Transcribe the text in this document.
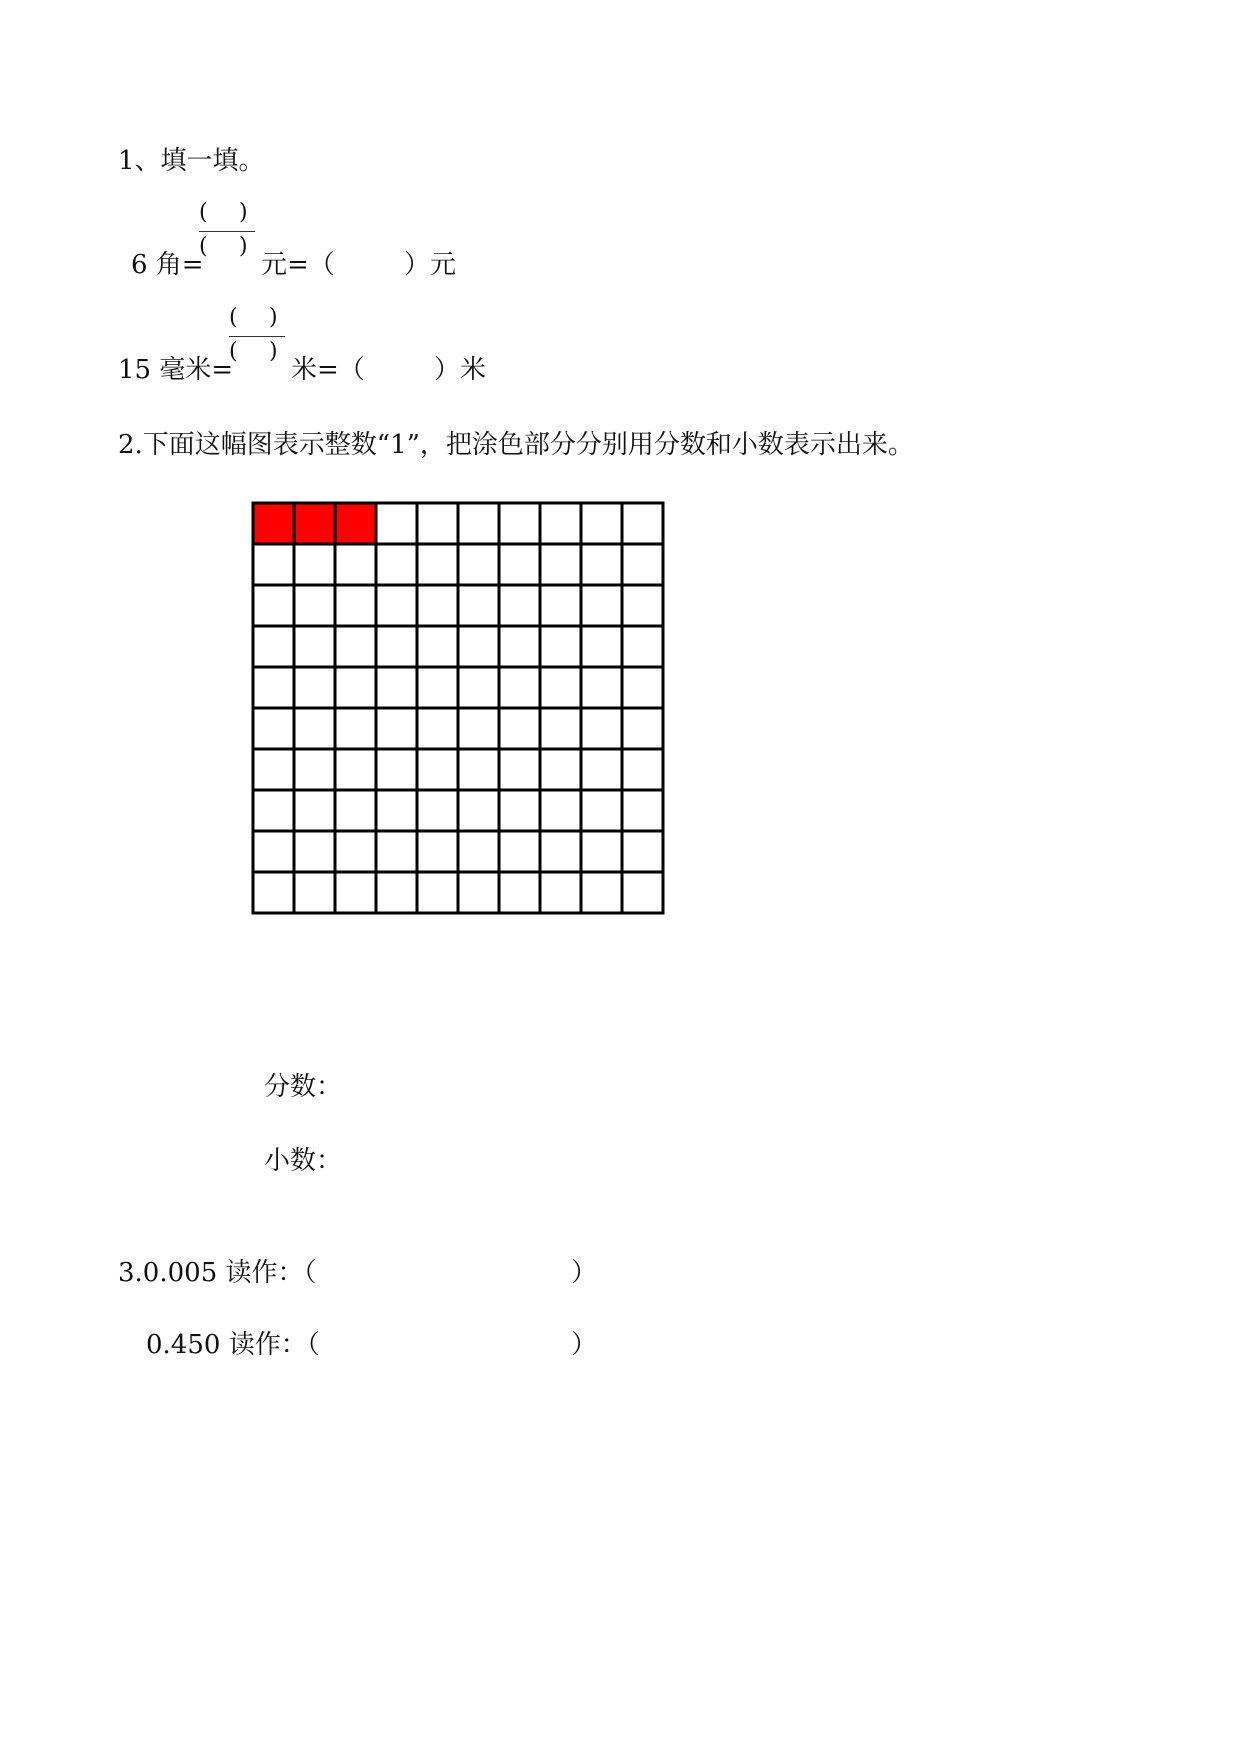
1、填一填。
( )
( )
6 角= 元=（	）元
( )
( )
15 毫米= 米=（	）米
2.下面这幅图表示整数“1”，把涂色部分分别用分数和小数表示出来。
分数：
小数：
3.0.005 读作：（	）
0.450 读作：（	）
